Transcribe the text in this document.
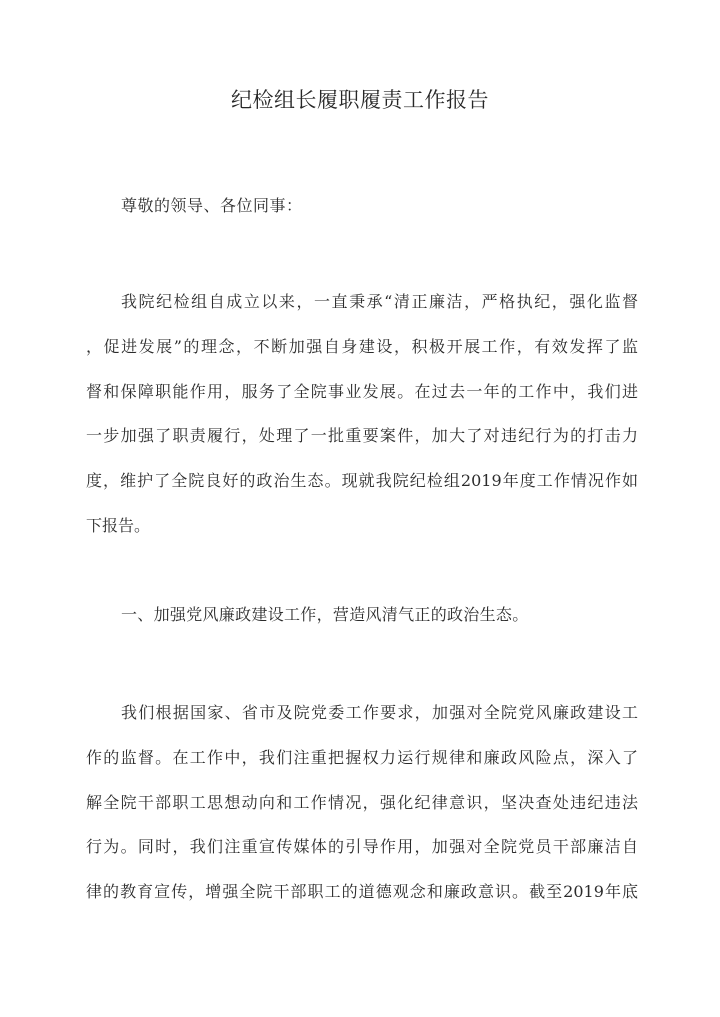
纪检组长履职履责工作报告
尊敬的领导、各位同事：
我院纪检组自成立以来，一直秉承“清正廉洁，严格执纪，强化监督
，促进发展”的理念，不断加强自身建设，积极开展工作，有效发挥了监
督和保障职能作用，服务了全院事业发展。在过去一年的工作中，我们进
一步加强了职责履行，处理了一批重要案件，加大了对违纪行为的打击力
度，维护了全院良好的政治生态。现就我院纪检组2019年度工作情况作如
下报告。
一、加强党风廉政建设工作，营造风清气正的政治生态。
我们根据国家、省市及院党委工作要求，加强对全院党风廉政建设工
作的监督。在工作中，我们注重把握权力运行规律和廉政风险点，深入了
解全院干部职工思想动向和工作情况，强化纪律意识，坚决查处违纪违法
行为。同时，我们注重宣传媒体的引导作用，加强对全院党员干部廉洁自
律的教育宣传，增强全院干部职工的道德观念和廉政意识。截至2019年底
